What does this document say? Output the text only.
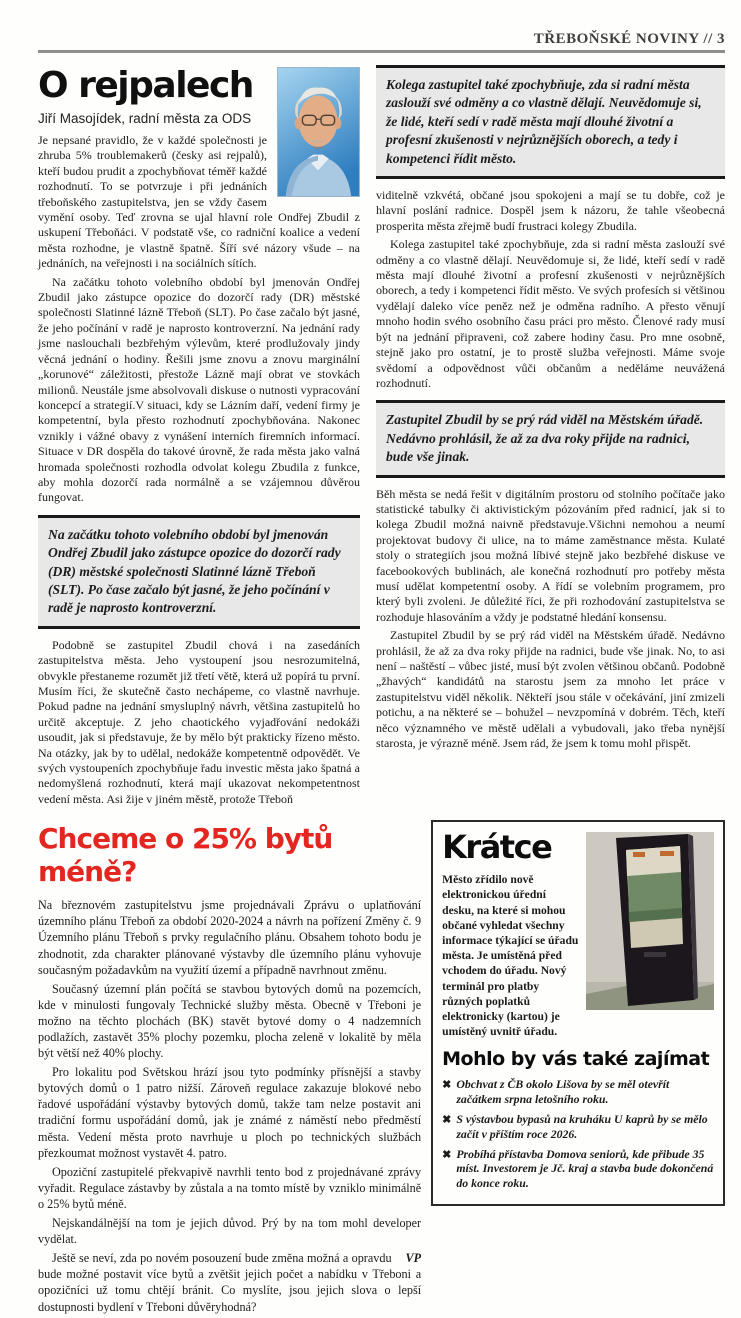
TŘEBOŇSKÉ NOVINY // 3
O rejpalech

Jiří Masojídek, radní města za ODS

Je nepsané pravidlo, že v každé společnosti je zhruba 5% troublemakerů (česky asi rejpalů), kteří budou prudit a zpochybňovat téměř každé rozhodnutí. To se potvrzuje i při jednáních třeboňského zastupitelstva, jen se vždy časem vymění osoby. Teď zrovna se ujal hlavní role Ondřej Zbudil z uskupení Třeboňáci. V podstatě vše, co radniční koalice a vedení města rozhodne, je vlastně špatně. Šíří své názory všude – na jednáních, na veřejnosti i na sociálních sítích.

Na začátku tohoto volebního období byl jmenován Ondřej Zbudil jako zástupce opozice do dozorčí rady (DR) městské společnosti Slatinné lázně Třeboň (SLT). Po čase začalo být jasné, že jeho počínání v radě je naprosto kontroverzní. Na jednání rady jsme naslouchali bezbřehým výlevům, které prodlužovaly jindy věcná jednání o hodiny. Řešili jsme znovu a znovu marginální „korunové“ záležitosti, přestože Lázně mají obrat ve stovkách milionů. Neustále jsme absolvovali diskuse o nutnosti vypracování koncepcí a strategií.V situaci, kdy se Lázním daří, vedení firmy je kompetentní, byla přesto rozhodnutí zpochybňována. Nakonec vznikly i vážné obavy z vynášení interních firemních informací. Situace v DR dospěla do takové úrovně, že rada města jako valná hromada společnosti rozhodla odvolat kolegu Zbudila z funkce, aby mohla dozorčí rada normálně a se vzájemnou důvěrou fungovat.

Na začátku tohoto volebního období byl jmenován Ondřej Zbudil jako zástupce opozice do dozorčí rady (DR) městské společnosti Slatinné lázně Třeboň (SLT). Po čase začalo být jasné, že jeho počínání v radě je naprosto kontroverzní.

Podobně se zastupitel Zbudil chová i na zasedáních zastupitelstva města. Jeho vystoupení jsou nesrozumitelná, obvykle přestaneme rozumět již třetí větě, která už popírá tu první. Musím říci, že skutečně často nechápeme, co vlastně navrhuje. Pokud padne na jednání smysluplný návrh, většina zastupitelů ho určitě akceptuje. Z jeho chaotického vyjadřování nedokáži usoudit, jak si představuje, že by mělo být prakticky řízeno město. Na otázky, jak by to udělal, nedokáže kompetentně odpovědět. Ve svých vystoupeních zpochybňuje řadu investic města jako špatná a nedomyšlená rozhodnutí, která mají ukazovat nekompetentnost vedení města. Asi žije v jiném městě, protože Třeboň

Kolega zastupitel také zpochybňuje, zda si radní města zaslouží své odměny a co vlastně dělají. Neuvědomuje si, že lidé, kteří sedí v radě města mají dlouhé životní a profesní zkušenosti v nejrůznějších oborech, a tedy i kompetenci řídit město.

viditelně vzkvétá, občané jsou spokojeni a mají se tu dobře, což je hlavní poslání radnice. Dospěl jsem k názoru, že tahle všeobecná prosperita města zřejmě budí frustraci kolegy Zbudila.

Kolega zastupitel také zpochybňuje, zda si radní města zaslouží své odměny a co vlastně dělají. Neuvědomuje si, že lidé, kteří sedí v radě města mají dlouhé životní a profesní zkušenosti v nejrůznějších oborech, a tedy i kompetenci řídit město. Ve svých profesích si většinou vydělají daleko více peněz než je odměna radního. A přesto věnují mnoho hodin svého osobního času práci pro město. Členové rady musí být na jednání připraveni, což zabere hodiny času. Pro mne osobně, stejně jako pro ostatní, je to prostě služba veřejnosti. Máme svoje svědomí a odpovědnost vůči občanům a neděláme neuvážená rozhodnutí.

Zastupitel Zbudil by se prý rád viděl na Městském úřadě. Nedávno prohlásil, že až za dva roky přijde na radnici, bude vše jinak.

Běh města se nedá řešit v digitálním prostoru od stolního počítače jako statistické tabulky či aktivistickým pózováním před radnicí, jak si to kolega Zbudil možná naivně představuje.Všichni nemohou a neumí projektovat budovy či ulice, na to máme zaměstnance města. Kulaté stoly o strategiích jsou možná líbivé stejně jako bezbřehé diskuse ve facebookových bublinách, ale konečná rozhodnutí pro potřeby města musí udělat kompetentní osoby. A řídí se volebním programem, pro který byli zvoleni. Je důležité říci, že při rozhodování zastupitelstva se rozhoduje hlasováním a vždy je podstatné hledání konsensu.

Zastupitel Zbudil by se prý rád viděl na Městském úřadě. Nedávno prohlásil, že až za dva roky přijde na radnici, bude vše jinak. No, to asi není – naštěstí – vůbec jisté, musí být zvolen většinou občanů. Podobně „žhavých“ kandidátů na starostu jsem za mnoho let práce v zastupitelstvu viděl několik. Někteří jsou stále v očekávání, jiní zmizeli potichu, a na některé se – bohužel – nevzpomíná v dobrém. Těch, kteří něco významného ve městě udělali a vybudovali, jako třeba nynější starosta, je výrazně méně. Jsem rád, že jsem k tomu mohl přispět.

Chceme o 25% bytů méně?

Na březnovém zastupitelstvu jsme projednávali Zprávu o uplatňování územního plánu Třeboň za období 2020-2024 a návrh na pořízení Změny č. 9 Územního plánu Třeboň s prvky regulačního plánu. Obsahem tohoto bodu je zhodnotit, zda charakter plánované výstavby dle územního plánu vyhovuje současným požadavkům na využití území a případně navrhnout změnu.

Současný územní plán počítá se stavbou bytových domů na pozemcích, kde v minulosti fungovaly Technické služby města. Obecně v Třeboni je možno na těchto plochách (BK) stavět bytové domy o 4 nadzemních podlažích, zastavět 35% plochy pozemku, plocha zeleně v lokalitě by měla být větší než 40% plochy.

Pro lokalitu pod Světskou hrází jsou tyto podmínky přísnější a stavby bytových domů o 1 patro nižší. Zároveň regulace zakazuje blokové nebo řadové uspořádání výstavby bytových domů, takže tam nelze postavit ani tradiční formu uspořádání domů, jak je známé z náměstí nebo předměstí města. Vedení města proto navrhuje u ploch po technických službách přezkoumat možnost vystavět 4. patro.

Opoziční zastupitelé překvapivě navrhli tento bod z projednávané zprávy vyřadit. Regulace zástavby by zůstala a na tomto místě by vzniklo minimálně o 25% bytů méně.

Nejskandálnější na tom je jejich důvod. Prý by na tom mohl developer vydělat.

VP
Ještě se neví, zda po novém posouzení bude změna možná a opravdu bude možné postavit více bytů a zvětšit jejich počet a nabídku v Třeboni a opozičníci už tomu chtějí bránit. Co myslíte, jsou jejich slova o lepší dostupnosti bydlení v Třeboni důvěryhodná?

Krátce

Město zřídilo nově elektronickou úřední desku, na které si mohou občané vyhledat všechny informace týkající se úřadu města. Je umístěná před vchodem do úřadu. Nový terminál pro platby různých poplatků elektronicky (kartou) je umístěný uvnitř úřadu.

Mohlo by vás také zajímat
✖ Obchvat z ČB okolo Lišova by se měl otevřít začátkem srpna letošního roku.
✖ S výstavbou bypasů na kruháku U kaprů by se mělo začít v příštím roce 2026.
✖ Probíhá přístavba Domova seniorů, kde přibude 35 míst. Investorem je Jč. kraj a stavba bude dokončená do konce roku.
